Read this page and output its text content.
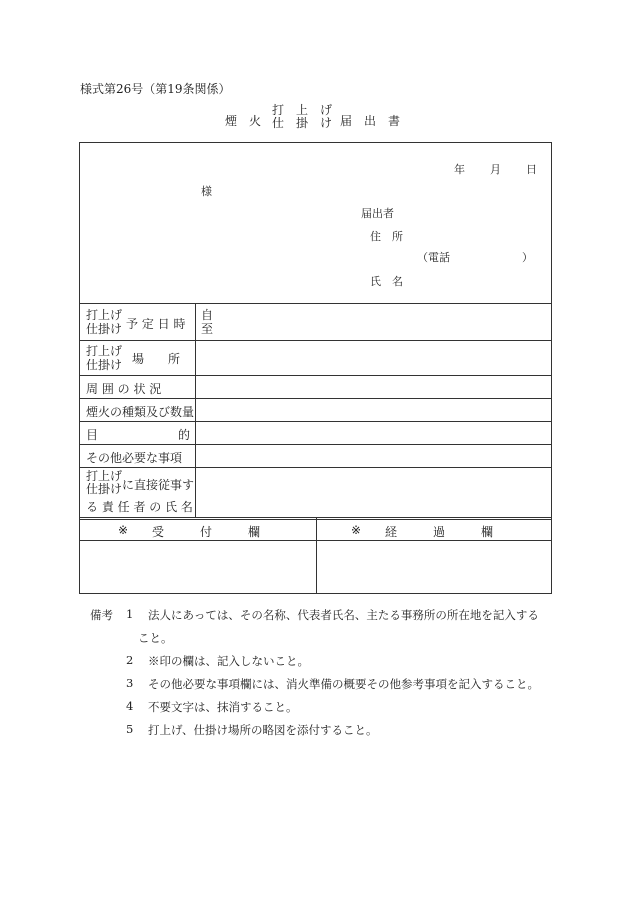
様式第26号（第19条関係）
煙　火
打　上　げ
仕　掛　け 届　出　書
年 月 日
様
届出者
住　所
（電話	）
氏　名
打上げ
仕掛け 予 定 日 時
自
至
打上げ
仕掛け 場　　所
周 囲 の 状 況
煙火の種類及び数量
目	的
その他必要な事項
打上げ
仕掛け に直接従事す
る 責 任 者 の 氏 名
※ 受　　　付　　　欄	※ 経　　　過　　　欄
備考 1 法人にあっては、その名称、代表者氏名、主たる事務所の所在地を記入する
こと。
2 ※印の欄は、記入しないこと。
3 その他必要な事項欄には、消火準備の概要その他参考事項を記入すること。
4 不要文字は、抹消すること。
5 打上げ、仕掛け場所の略図を添付すること。
